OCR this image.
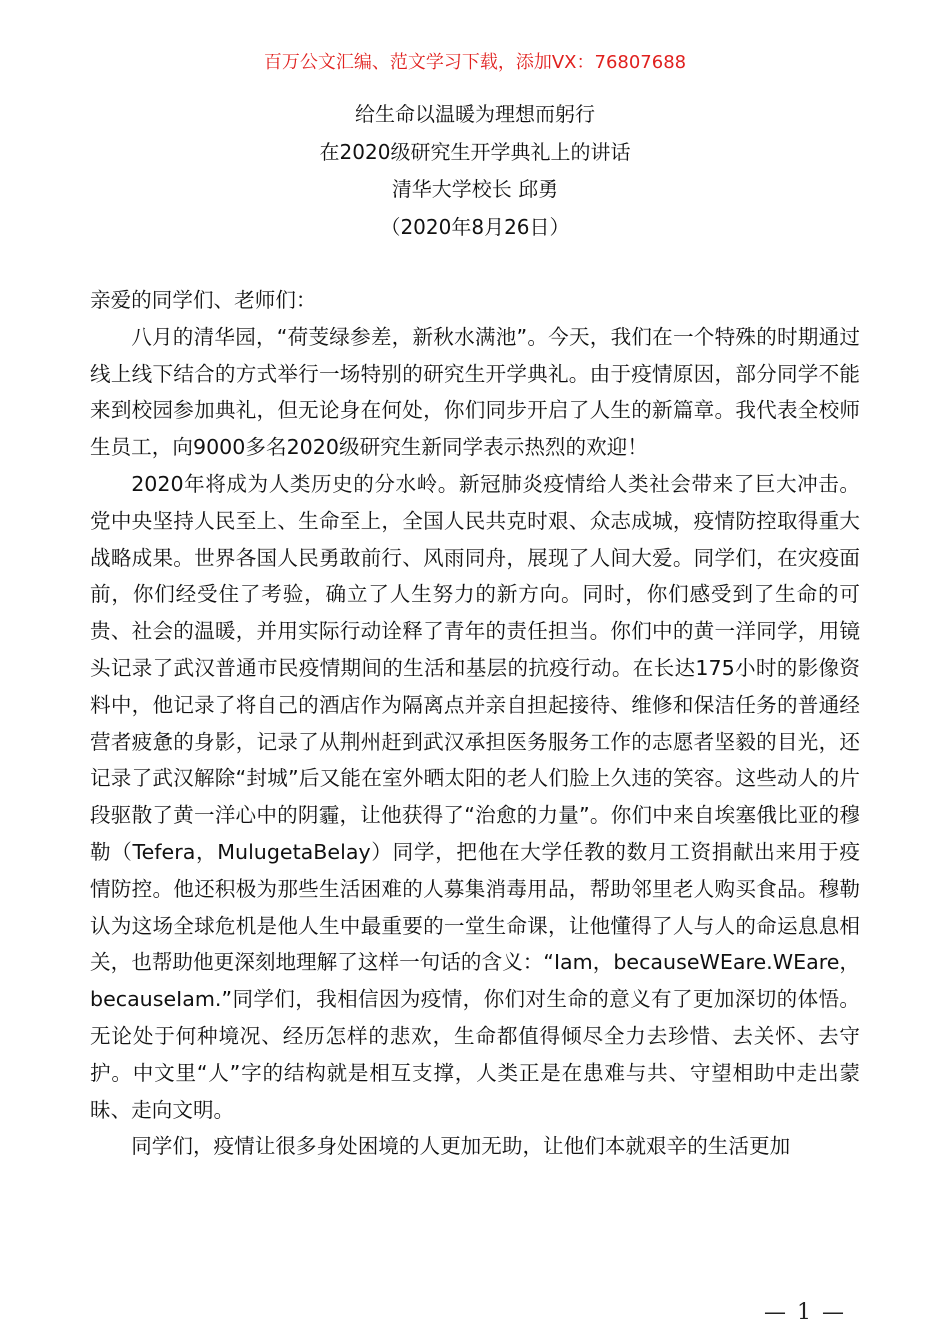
百万公文汇编、范文学习下载，添加VX：76807688
给生命以温暖为理想而躬行
在2020级研究生开学典礼上的讲话
清华大学校长 邱勇
（2020年8月26日）

亲爱的同学们、老师们：

八月的清华园，“荷芰绿参差，新秋水满池”。今天，我们在一个特殊的时期通过线上线下结合的方式举行一场特别的研究生开学典礼。由于疫情原因，部分同学不能来到校园参加典礼，但无论身在何处，你们同步开启了人生的新篇章。我代表全校师生员工，向9000多名2020级研究生新同学表示热烈的欢迎！

2020年将成为人类历史的分水岭。新冠肺炎疫情给人类社会带来了巨大冲击。党中央坚持人民至上、生命至上，全国人民共克时艰、众志成城，疫情防控取得重大战略成果。世界各国人民勇敢前行、风雨同舟，展现了人间大爱。同学们，在灾疫面前，你们经受住了考验，确立了人生努力的新方向。同时，你们感受到了生命的可贵、社会的温暖，并用实际行动诠释了青年的责任担当。你们中的黄一洋同学，用镜头记录了武汉普通市民疫情期间的生活和基层的抗疫行动。在长达175小时的影像资料中，他记录了将自己的酒店作为隔离点并亲自担起接待、维修和保洁任务的普通经营者疲惫的身影，记录了从荆州赶到武汉承担医务服务工作的志愿者坚毅的目光，还记录了武汉解除“封城”后又能在室外晒太阳的老人们脸上久违的笑容。这些动人的片段驱散了黄一洋心中的阴霾，让他获得了“治愈的力量”。你们中来自埃塞俄比亚的穆勒（Tefera，MulugetaBelay）同学，把他在大学任教的数月工资捐献出来用于疫情防控。他还积极为那些生活困难的人募集消毒用品，帮助邻里老人购买食品。穆勒认为这场全球危机是他人生中最重要的一堂生命课，让他懂得了人与人的命运息息相关，也帮助他更深刻地理解了这样一句话的含义：“Iam，becauseWEare.WEare，becauseIam.”同学们，我相信因为疫情，你们对生命的意义有了更加深切的体悟。无论处于何种境况、经历怎样的悲欢，生命都值得倾尽全力去珍惜、去关怀、去守护。中文里“人”字的结构就是相互支撑，人类正是在患难与共、守望相助中走出蒙昧、走向文明。

同学们，疫情让很多身处困境的人更加无助，让他们本就艰辛的生活更加

— 1 —
